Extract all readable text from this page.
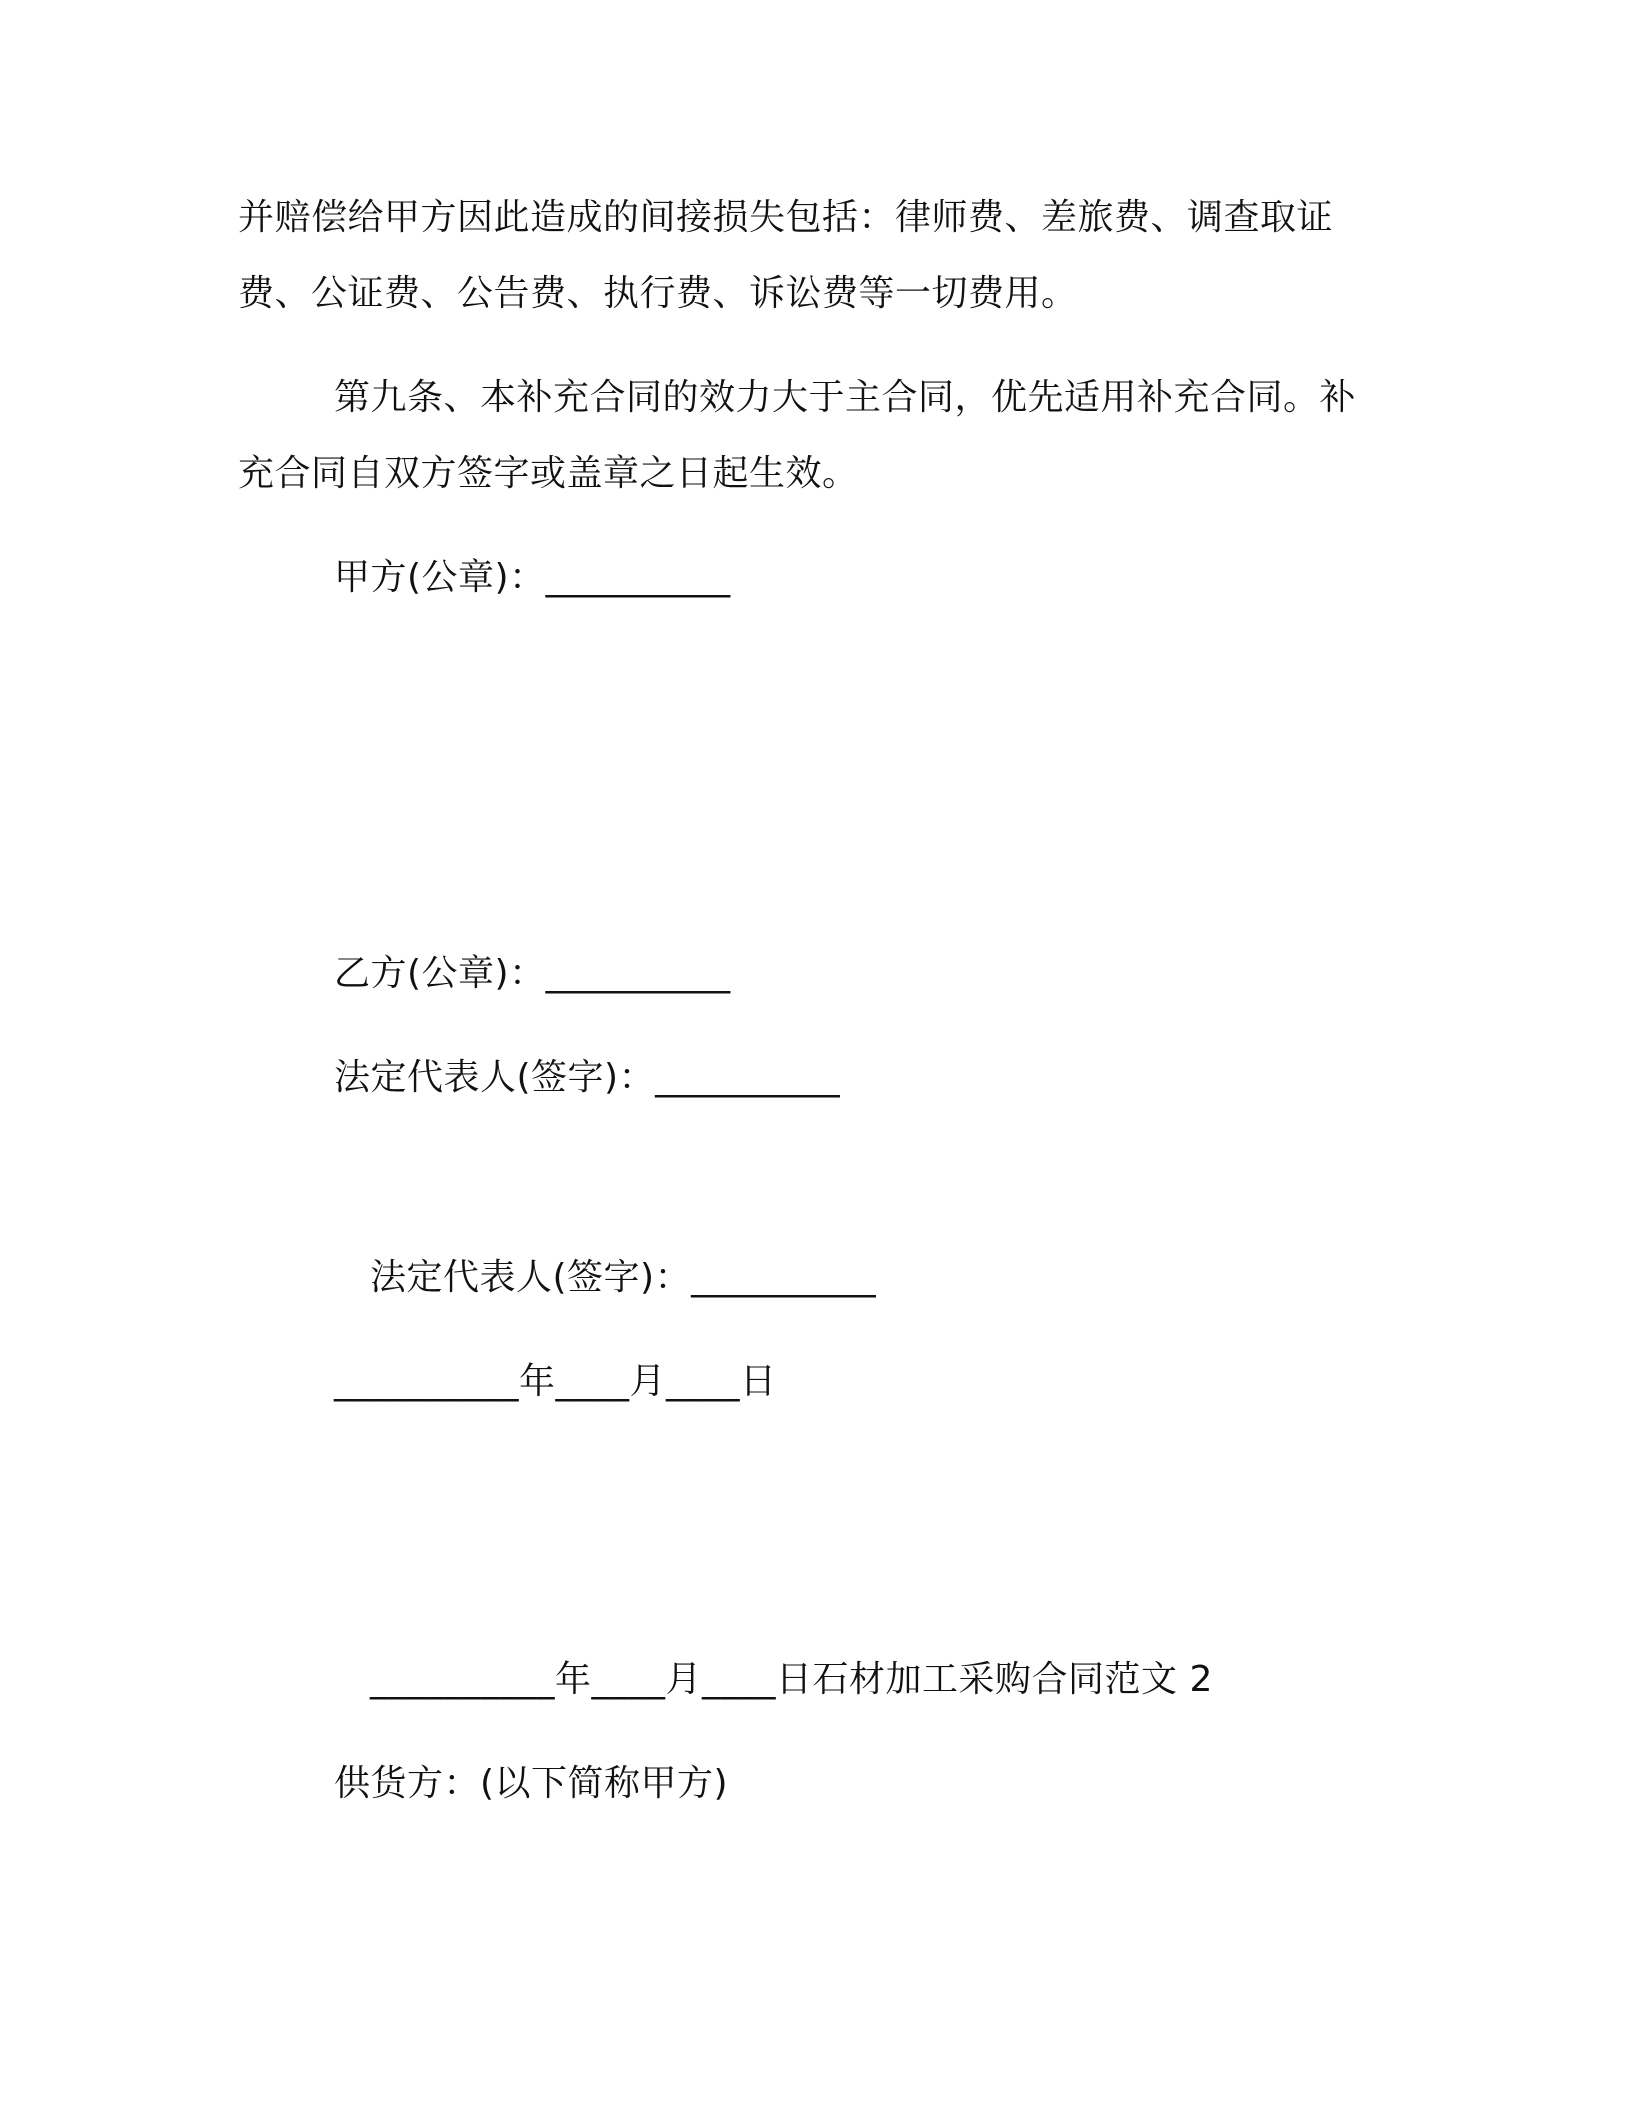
并赔偿给甲方因此造成的间接损失包括：律师费、差旅费、调查取证
费、公证费、公告费、执行费、诉讼费等一切费用。
第九条、本补充合同的效力大于主合同，优先适用补充合同。补
充合同自双方签字或盖章之日起生效。
甲方(公章)：__________
乙方(公章)：__________
法定代表人(签字)：__________
法定代表人(签字)：__________
__________年____月____日
__________年____月____日石材加工采购合同范文 2
供货方：(以下简称甲方)
